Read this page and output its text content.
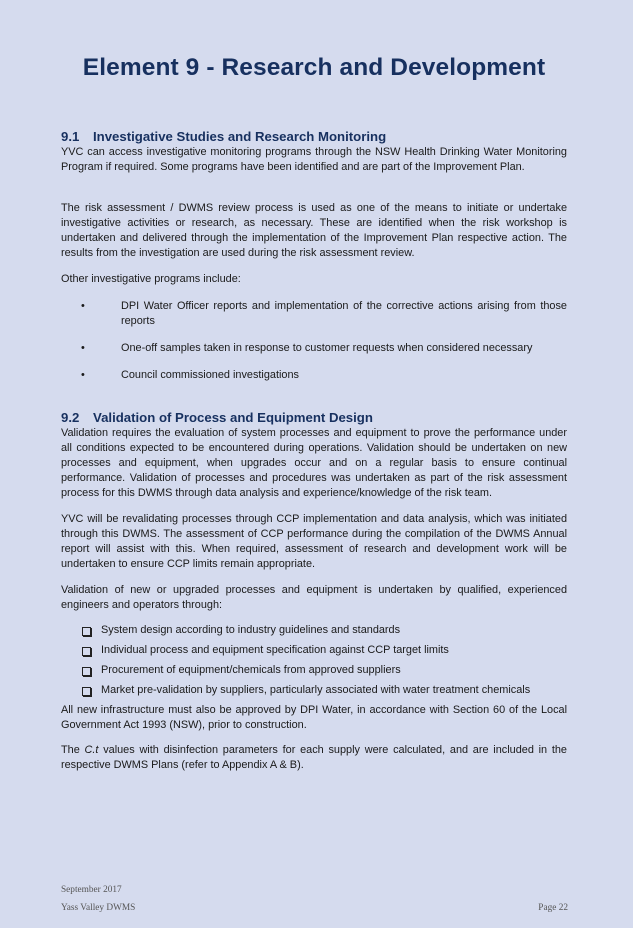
Element 9 - Research and Development
9.1 Investigative Studies and Research Monitoring

YVC can access investigative monitoring programs through the NSW Health Drinking Water Monitoring Program if required. Some programs have been identified and are part of the Improvement Plan.

The risk assessment / DWMS review process is used as one of the means to initiate or undertake investigative activities or research, as necessary. These are identified when the risk workshop is undertaken and delivered through the implementation of the Improvement Plan respective action. The results from the investigation are used during the risk assessment review.

Other investigative programs include:

•	DPI Water Officer reports and implementation of the corrective actions arising from those reports
•	One-off samples taken in response to customer requests when considered necessary
•	Council commissioned investigations
9.2 Validation of Process and Equipment Design

Validation requires the evaluation of system processes and equipment to prove the performance under all conditions expected to be encountered during operations. Validation should be undertaken on new processes and equipment, when upgrades occur and on a regular basis to ensure continual performance. Validation of processes and procedures was undertaken as part of the risk assessment process for this DWMS through data analysis and experience/knowledge of the risk team.

YVC will be revalidating processes through CCP implementation and data analysis, which was initiated through this DWMS. The assessment of CCP performance during the compilation of the DWMS Annual report will assist with this. When required, assessment of research and development work will be undertaken to ensure CCP limits remain appropriate.

Validation of new or upgraded processes and equipment is undertaken by qualified, experienced engineers and operators through:

System design according to industry guidelines and standards
Individual process and equipment specification against CCP target limits
Procurement of equipment/chemicals from approved suppliers
Market pre-validation by suppliers, particularly associated with water treatment chemicals

All new infrastructure must also be approved by DPI Water, in accordance with Section 60 of the Local Government Act 1993 (NSW), prior to construction.

The C.t values with disinfection parameters for each supply were calculated, and are included in the respective DWMS Plans (refer to Appendix A & B).

September 2017
Yass Valley DWMS	Page 22
